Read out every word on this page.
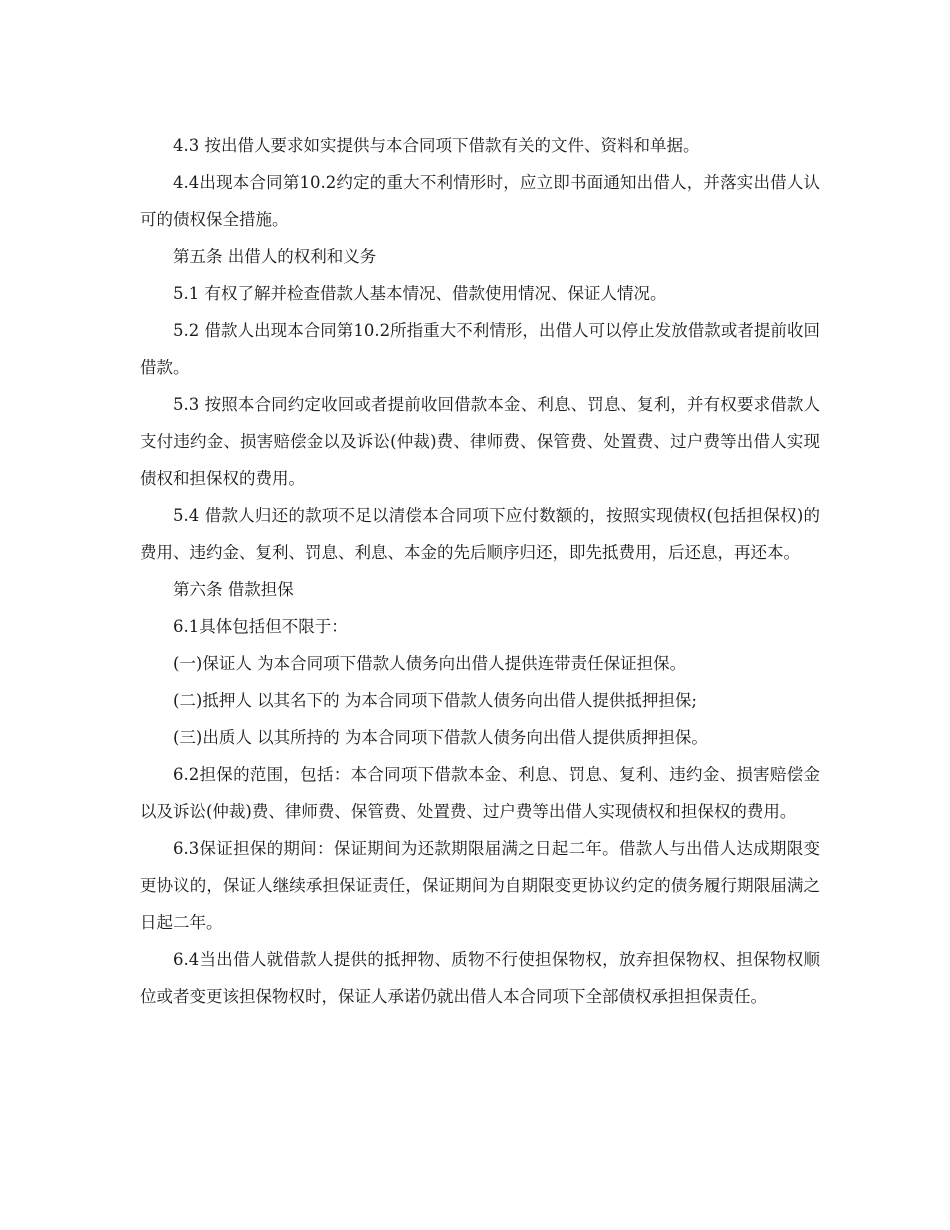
4.3 按出借人要求如实提供与本合同项下借款有关的文件、资料和单据。

4.4出现本合同第10.2约定的重大不利情形时，应立即书面通知出借人，并落实出借人认可的债权保全措施。

第五条 出借人的权利和义务

5.1 有权了解并检查借款人基本情况、借款使用情况、保证人情况。

5.2 借款人出现本合同第10.2所指重大不利情形，出借人可以停止发放借款或者提前收回借款。

5.3 按照本合同约定收回或者提前收回借款本金、利息、罚息、复利，并有权要求借款人支付违约金、损害赔偿金以及诉讼(仲裁)费、律师费、保管费、处置费、过户费等出借人实现债权和担保权的费用。

5.4 借款人归还的款项不足以清偿本合同项下应付数额的，按照实现债权(包括担保权)的费用、违约金、复利、罚息、利息、本金的先后顺序归还，即先抵费用，后还息，再还本。

第六条 借款担保

6.1具体包括但不限于：

(一)保证人 为本合同项下借款人债务向出借人提供连带责任保证担保。

(二)抵押人 以其名下的 为本合同项下借款人债务向出借人提供抵押担保;

(三)出质人 以其所持的 为本合同项下借款人债务向出借人提供质押担保。

6.2担保的范围，包括：本合同项下借款本金、利息、罚息、复利、违约金、损害赔偿金以及诉讼(仲裁)费、律师费、保管费、处置费、过户费等出借人实现债权和担保权的费用。

6.3保证担保的期间：保证期间为还款期限届满之日起二年。借款人与出借人达成期限变更协议的，保证人继续承担保证责任，保证期间为自期限变更协议约定的债务履行期限届满之日起二年。

6.4当出借人就借款人提供的抵押物、质物不行使担保物权，放弃担保物权、担保物权顺位或者变更该担保物权时，保证人承诺仍就出借人本合同项下全部债权承担担保责任。
